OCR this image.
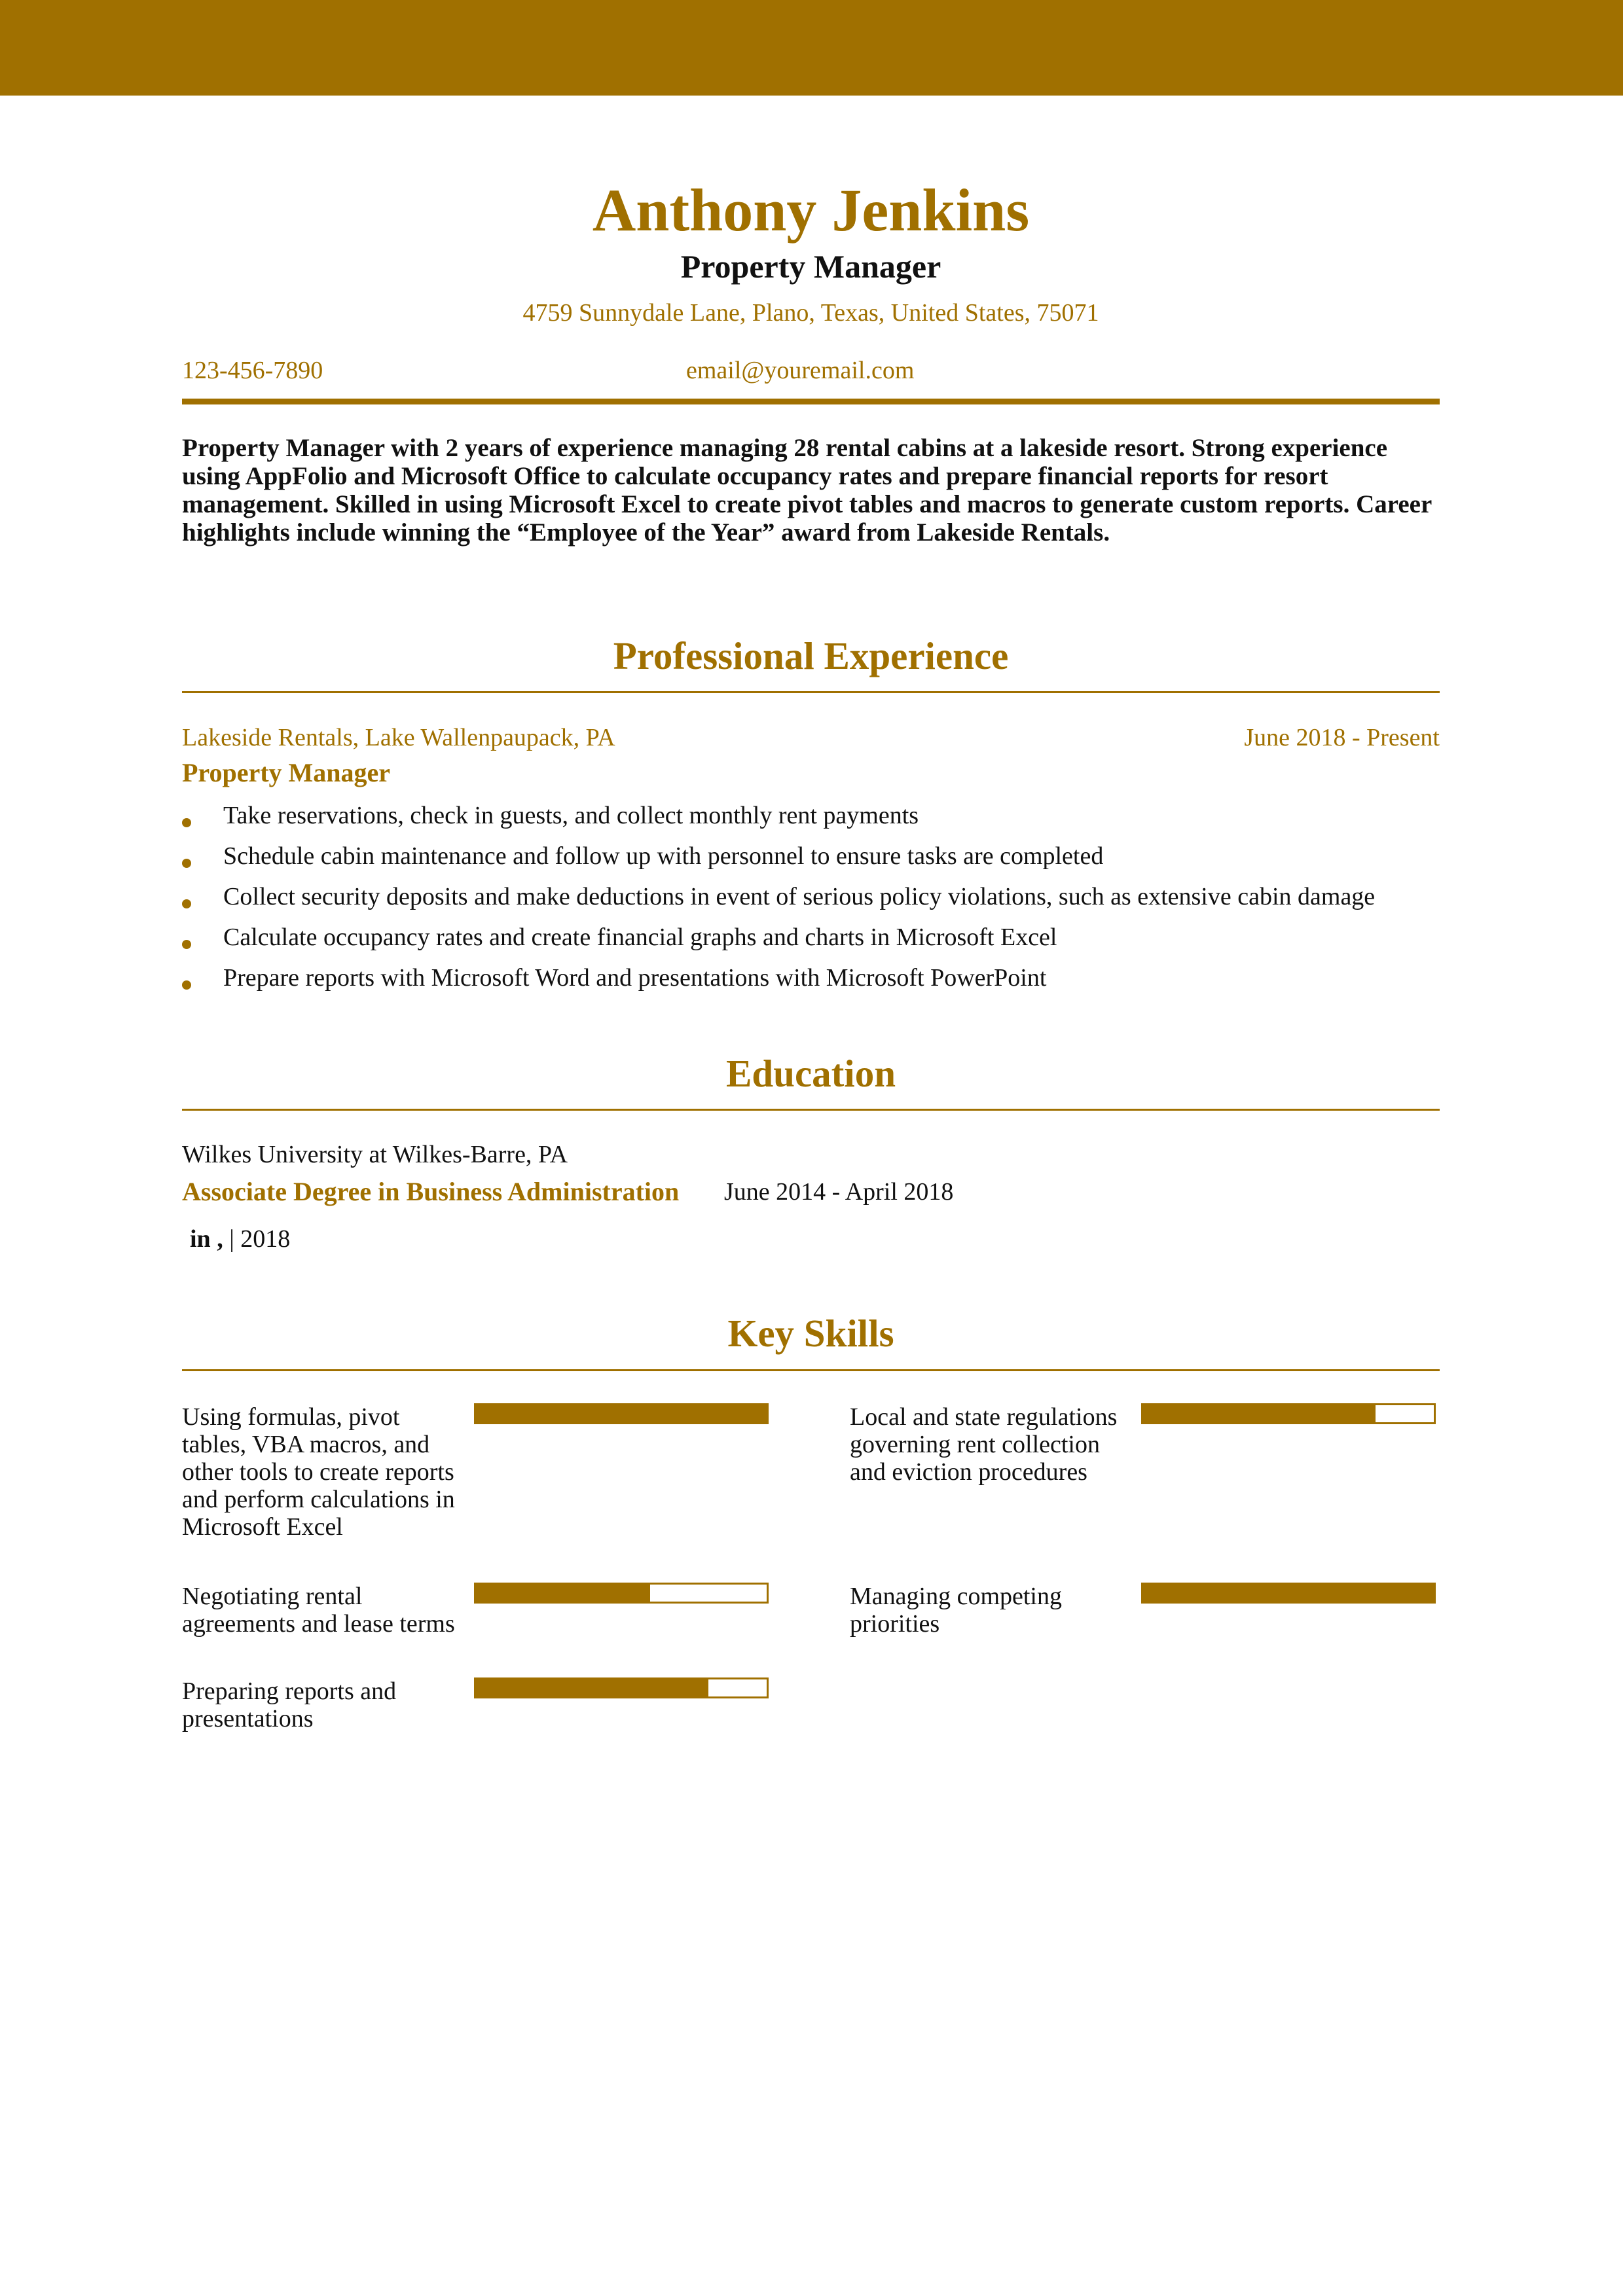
Anthony Jenkins
Property Manager
4759 Sunnydale Lane, Plano, Texas, United States, 75071
123-456-7890	email@youremail.com
Property Manager with 2 years of experience managing 28 rental cabins at a lakeside resort. Strong experience using AppFolio and Microsoft Office to calculate occupancy rates and prepare financial reports for resort management. Skilled in using Microsoft Excel to create pivot tables and macros to generate custom reports. Career highlights include winning the “Employee of the Year” award from Lakeside Rentals.
Professional Experience
Lakeside Rentals, Lake Wallenpaupack, PA	June 2018 - Present
Property Manager
Take reservations, check in guests, and collect monthly rent payments
Schedule cabin maintenance and follow up with personnel to ensure tasks are completed
Collect security deposits and make deductions in event of serious policy violations, such as extensive cabin damage
Calculate occupancy rates and create financial graphs and charts in Microsoft Excel
Prepare reports with Microsoft Word and presentations with Microsoft PowerPoint
Education
Wilkes University at Wilkes-Barre, PA
Associate Degree in Business Administration June 2014 - April 2018
in , | 2018
Key Skills
Using formulas, pivot tables, VBA macros, and other tools to create reports and perform calculations in Microsoft Excel
Local and state regulations governing rent collection and eviction procedures
Negotiating rental agreements and lease terms
Managing competing priorities
Preparing reports and presentations
